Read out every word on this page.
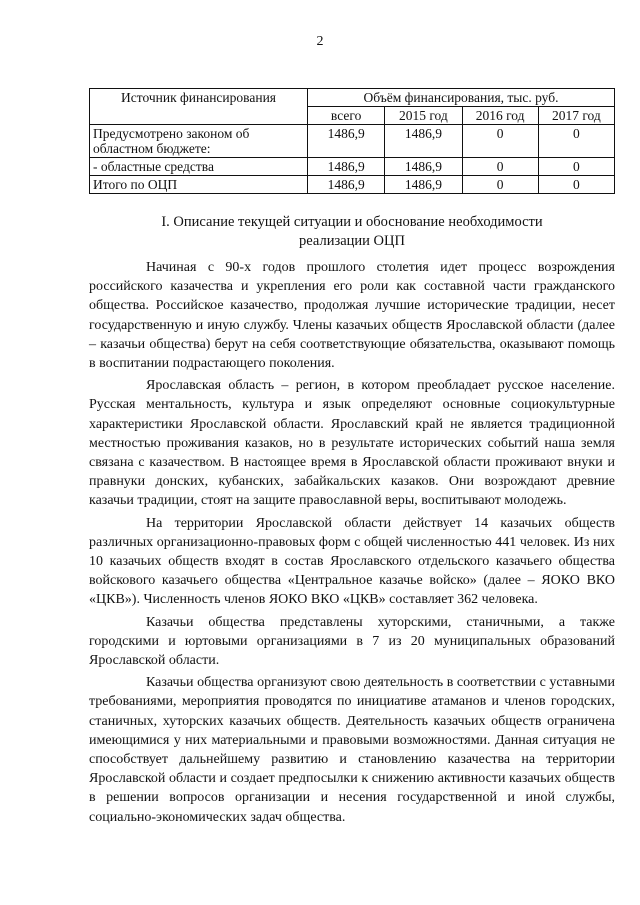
2
Источник финансирования	Объём финансирования, тыс. руб.			
	всего	2015 год	2016 год	2017 год
Предусмотрено законом об областном бюджете:	1486,9	1486,9	0	0
- областные средства	1486,9	1486,9	0	0
Итого по ОЦП	1486,9	1486,9	0	0
I. Описание текущей ситуации и обоснование необходимости
реализации ОЦП

Начиная с 90-х годов прошлого столетия идет процесс возрождения российского казачества и укрепления его роли как составной части гражданского общества. Российское казачество, продолжая лучшие исторические традиции, несет государственную и иную службу. Члены казачьих обществ Ярославской области (далее – казачьи общества) берут на себя соответствующие обязательства, оказывают помощь в воспитании подрастающего поколения.

Ярославская область – регион, в котором преобладает русское население. Русская ментальность, культура и язык определяют основные социокультурные характеристики Ярославской области. Ярославский край не является традиционной местностью проживания казаков, но в результате исторических событий наша земля связана с казачеством. В настоящее время в Ярославской области проживают внуки и правнуки донских, кубанских, забайкальских казаков. Они возрождают древние казачьи традиции, стоят на защите православной веры, воспитывают молодежь.

На территории Ярославской области действует 14 казачьих обществ различных организационно-правовых форм с общей численностью 441 человек. Из них 10 казачьих обществ входят в состав Ярославского отдельского казачьего общества войскового казачьего общества «Центральное казачье войско» (далее – ЯОКО ВКО «ЦКВ»). Численность членов ЯОКО ВКО «ЦКВ» составляет 362 человека.

Казачьи общества представлены хуторскими, станичными, а также городскими и юртовыми организациями в 7 из 20 муниципальных образований Ярославской области.

Казачьи общества организуют свою деятельность в соответствии с уставными требованиями, мероприятия проводятся по инициативе атаманов и членов городских, станичных, хуторских казачьих обществ. Деятельность казачьих обществ ограничена имеющимися у них материальными и правовыми возможностями. Данная ситуация не способствует дальнейшему развитию и становлению казачества на территории Ярославской области и создает предпосылки к снижению активности казачьих обществ в решении вопросов организации и несения государственной и иной службы, социально-экономических задач общества.
